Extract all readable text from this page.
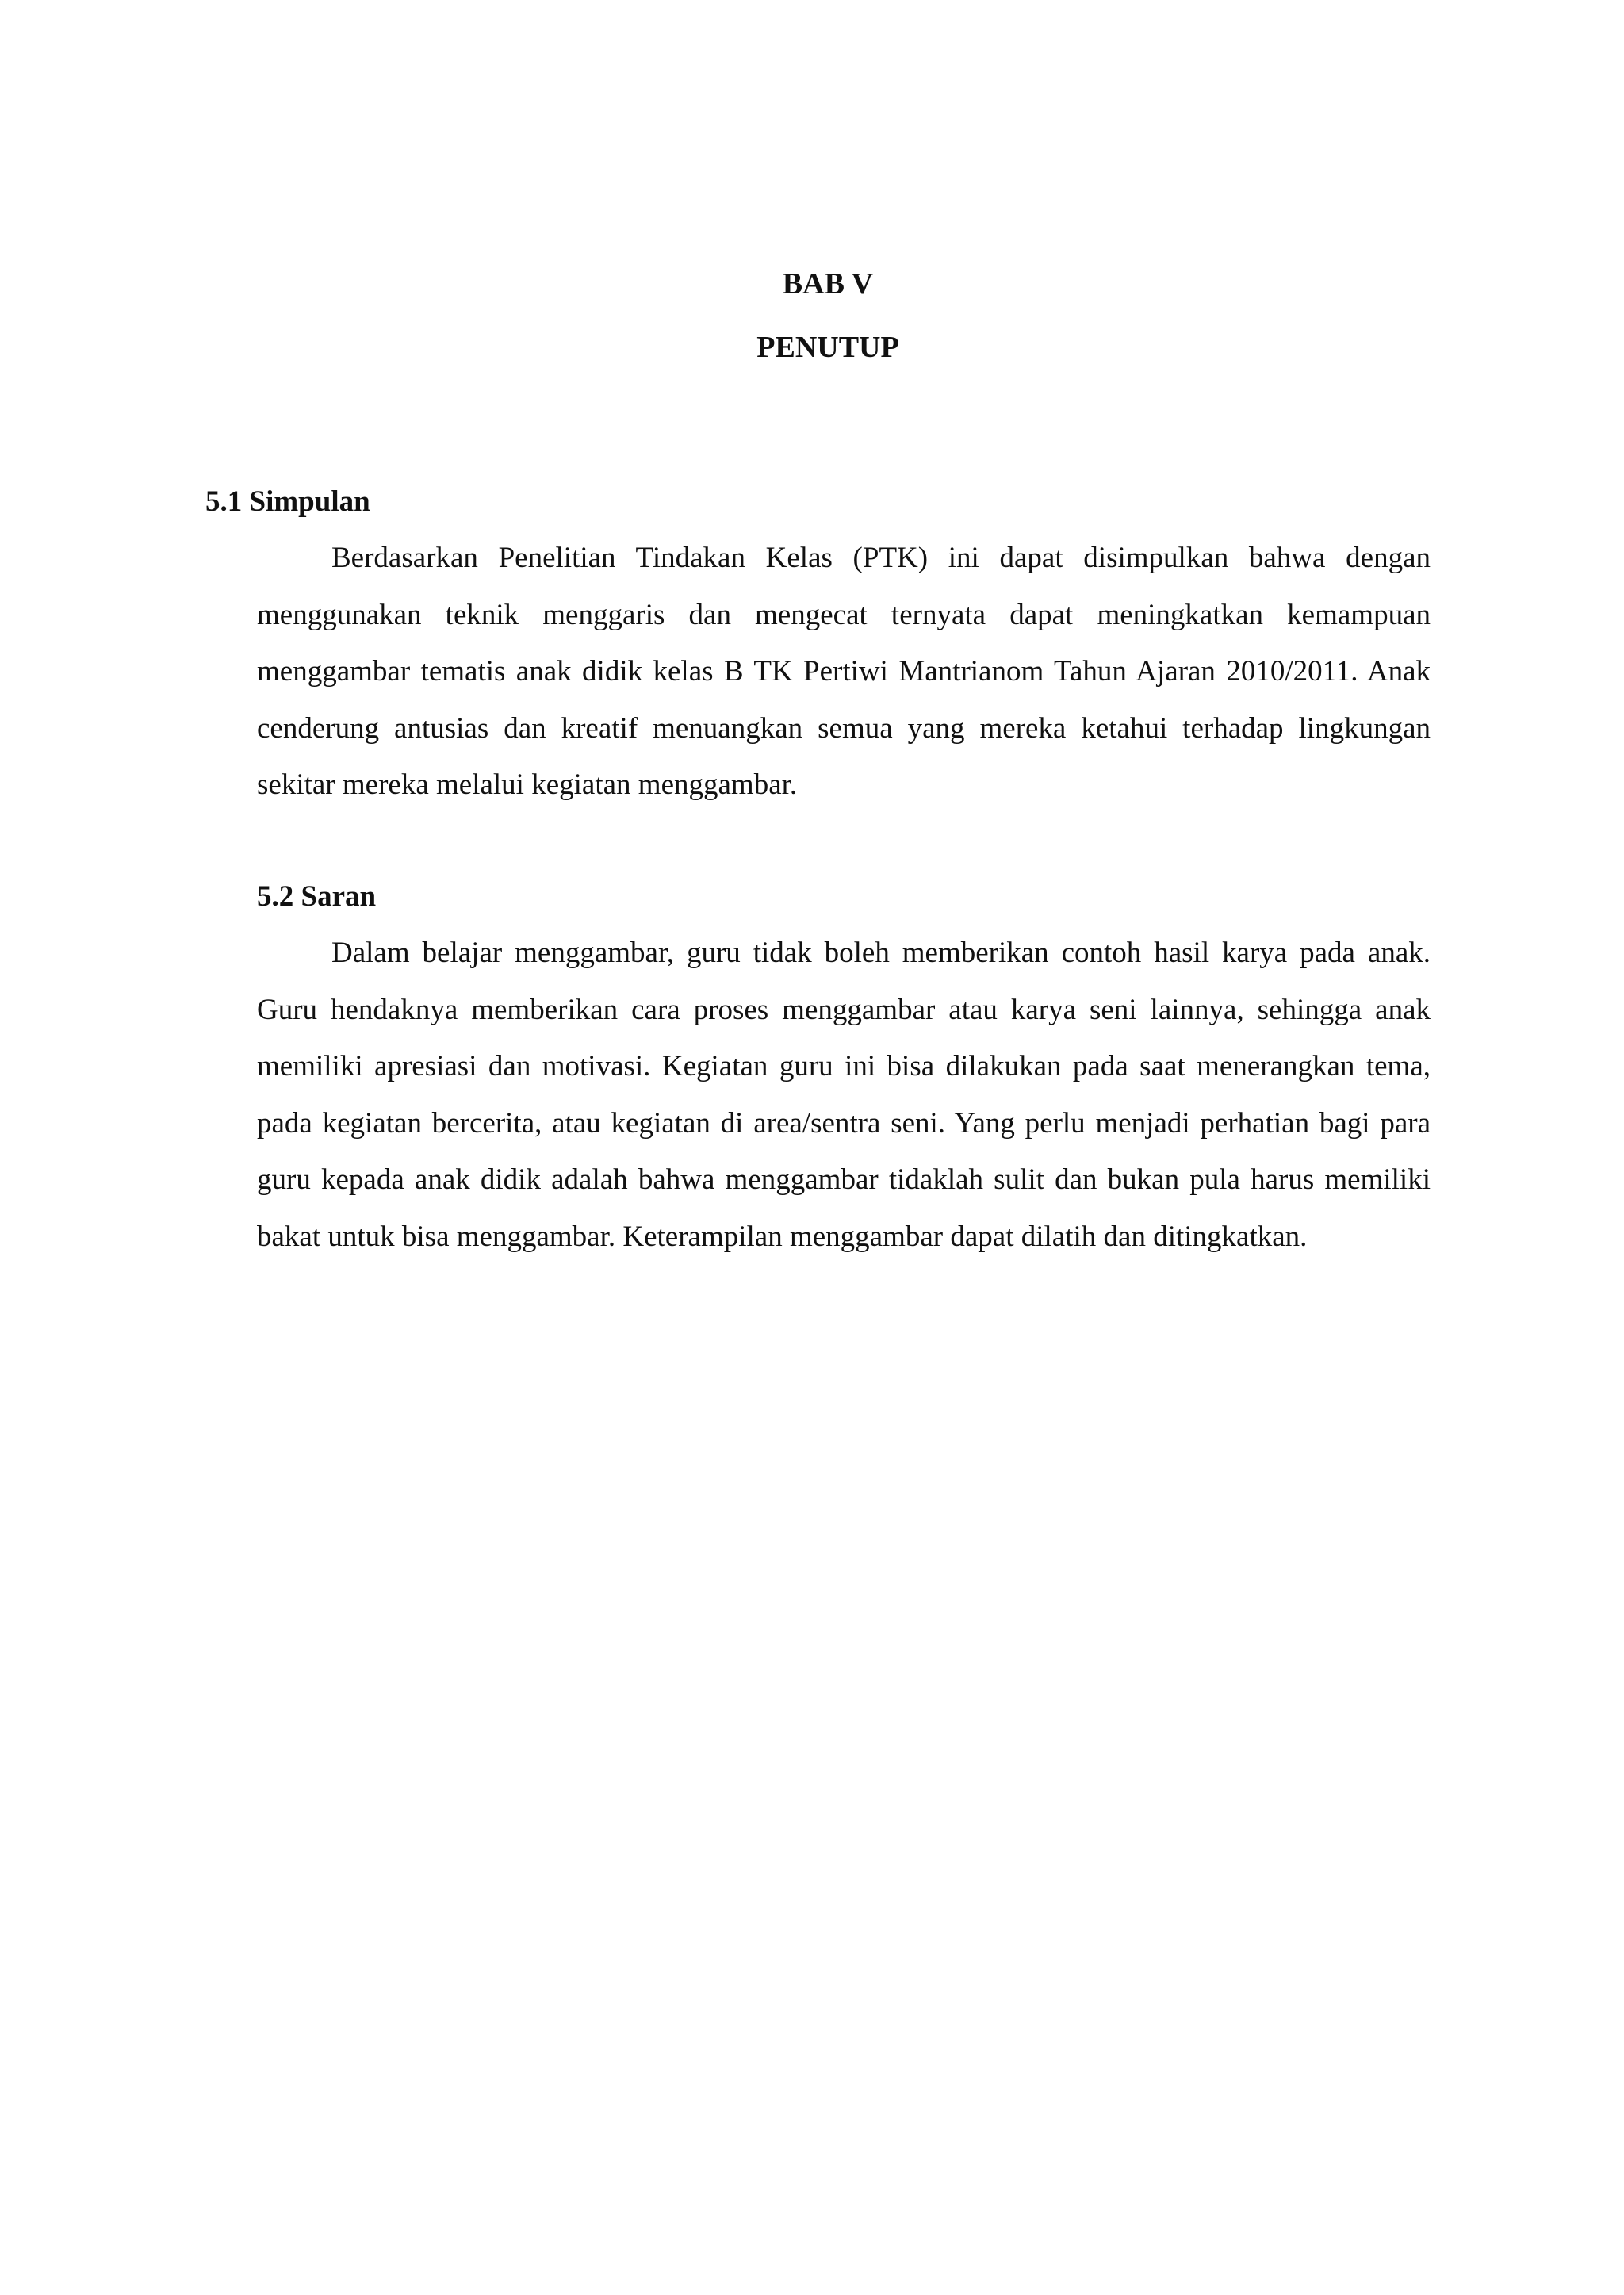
BAB V
PENUTUP

5.1 Simpulan

Berdasarkan Penelitian Tindakan Kelas (PTK) ini dapat disimpulkan bahwa dengan menggunakan teknik menggaris dan mengecat ternyata dapat meningkatkan kemampuan menggambar tematis anak didik kelas B TK Pertiwi Mantrianom Tahun Ajaran 2010/2011. Anak cenderung antusias dan kreatif menuangkan semua yang mereka ketahui terhadap lingkungan sekitar mereka melalui kegiatan menggambar.

5.2 Saran

Dalam belajar menggambar, guru tidak boleh memberikan contoh hasil karya pada anak. Guru hendaknya memberikan cara proses menggambar atau karya seni lainnya, sehingga anak memiliki apresiasi dan motivasi. Kegiatan guru ini bisa dilakukan pada saat menerangkan tema, pada kegiatan bercerita, atau kegiatan di area/sentra seni. Yang perlu menjadi perhatian bagi para guru kepada anak didik adalah bahwa menggambar tidaklah sulit dan bukan pula harus memiliki bakat untuk bisa menggambar. Keterampilan menggambar dapat dilatih dan ditingkatkan.
